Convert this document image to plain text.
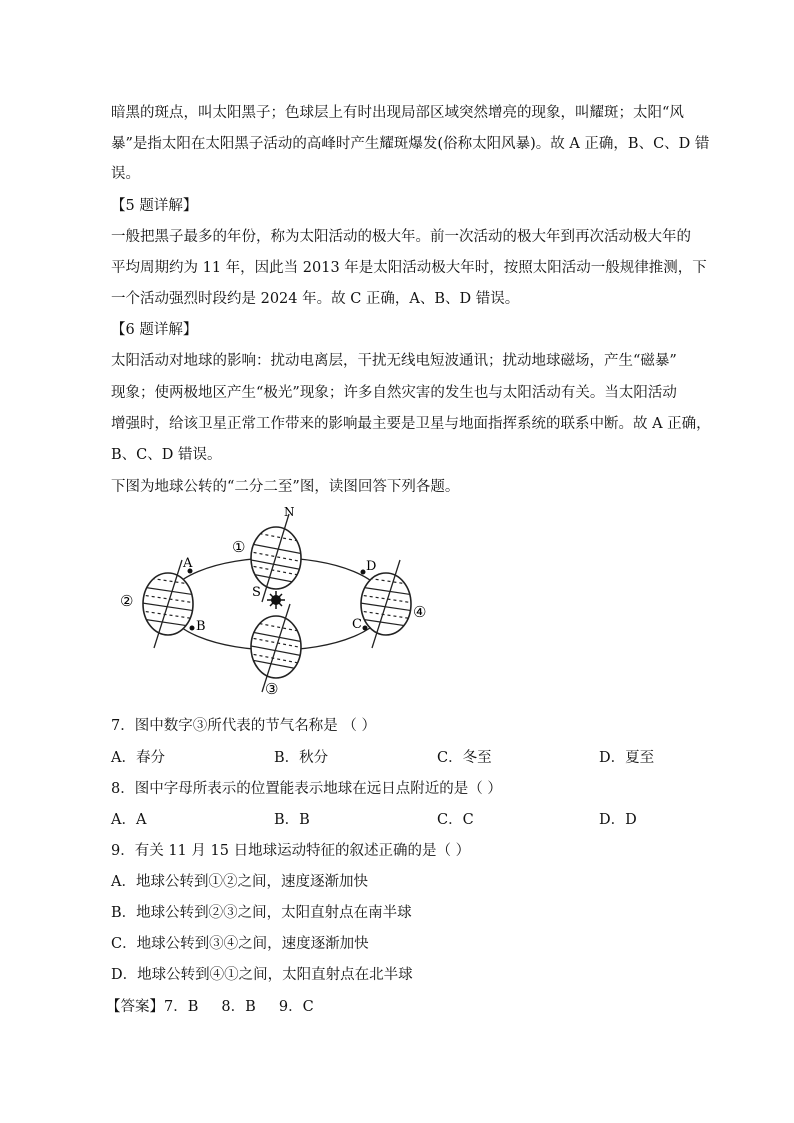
暗黑的斑点，叫太阳黑子；色球层上有时出现局部区域突然增亮的现象，叫耀斑；太阳“风
暴”是指太阳在太阳黑子活动的高峰时产生耀斑爆发(俗称太阳风暴)。故 A 正确，B、C、D 错
误。
【5 题详解】
一般把黑子最多的年份，称为太阳活动的极大年。前一次活动的极大年到再次活动极大年的
平均周期约为 11 年，因此当 2013 年是太阳活动极大年时，按照太阳活动一般规律推测，下
一个活动强烈时段约是 2024 年。故 C 正确，A、B、D 错误。
【6 题详解】
太阳活动对地球的影响：扰动电离层，干扰无线电短波通讯；扰动地球磁场，产生“磁暴”
现象；使两极地区产生“极光”现象；许多自然灾害的发生也与太阳活动有关。当太阳活动
增强时，给该卫星正常工作带来的影响最主要是卫星与地面指挥系统的联系中断。故 A 正确，
B、C、D 错误。
下图为地球公转的“二分二至”图，读图回答下列各题。
①
②
③
④
A
B	C
D
N
S
7．图中数字③所代表的节气名称是 （ ）
A．春分	B．秋分	C．冬至	D．夏至
8．图中字母所表示的位置能表示地球在远日点附近的是（ ）
A．A	B．B	C．C	D．D
9．有关 11 月 15 日地球运动特征的叙述正确的是（ ）
A．地球公转到①②之间，速度逐渐加快
B．地球公转到②③之间，太阳直射点在南半球
C．地球公转到③④之间，速度逐渐加快
D．地球公转到④①之间，太阳直射点在北半球
【答案】7．B     8．B     9．C
